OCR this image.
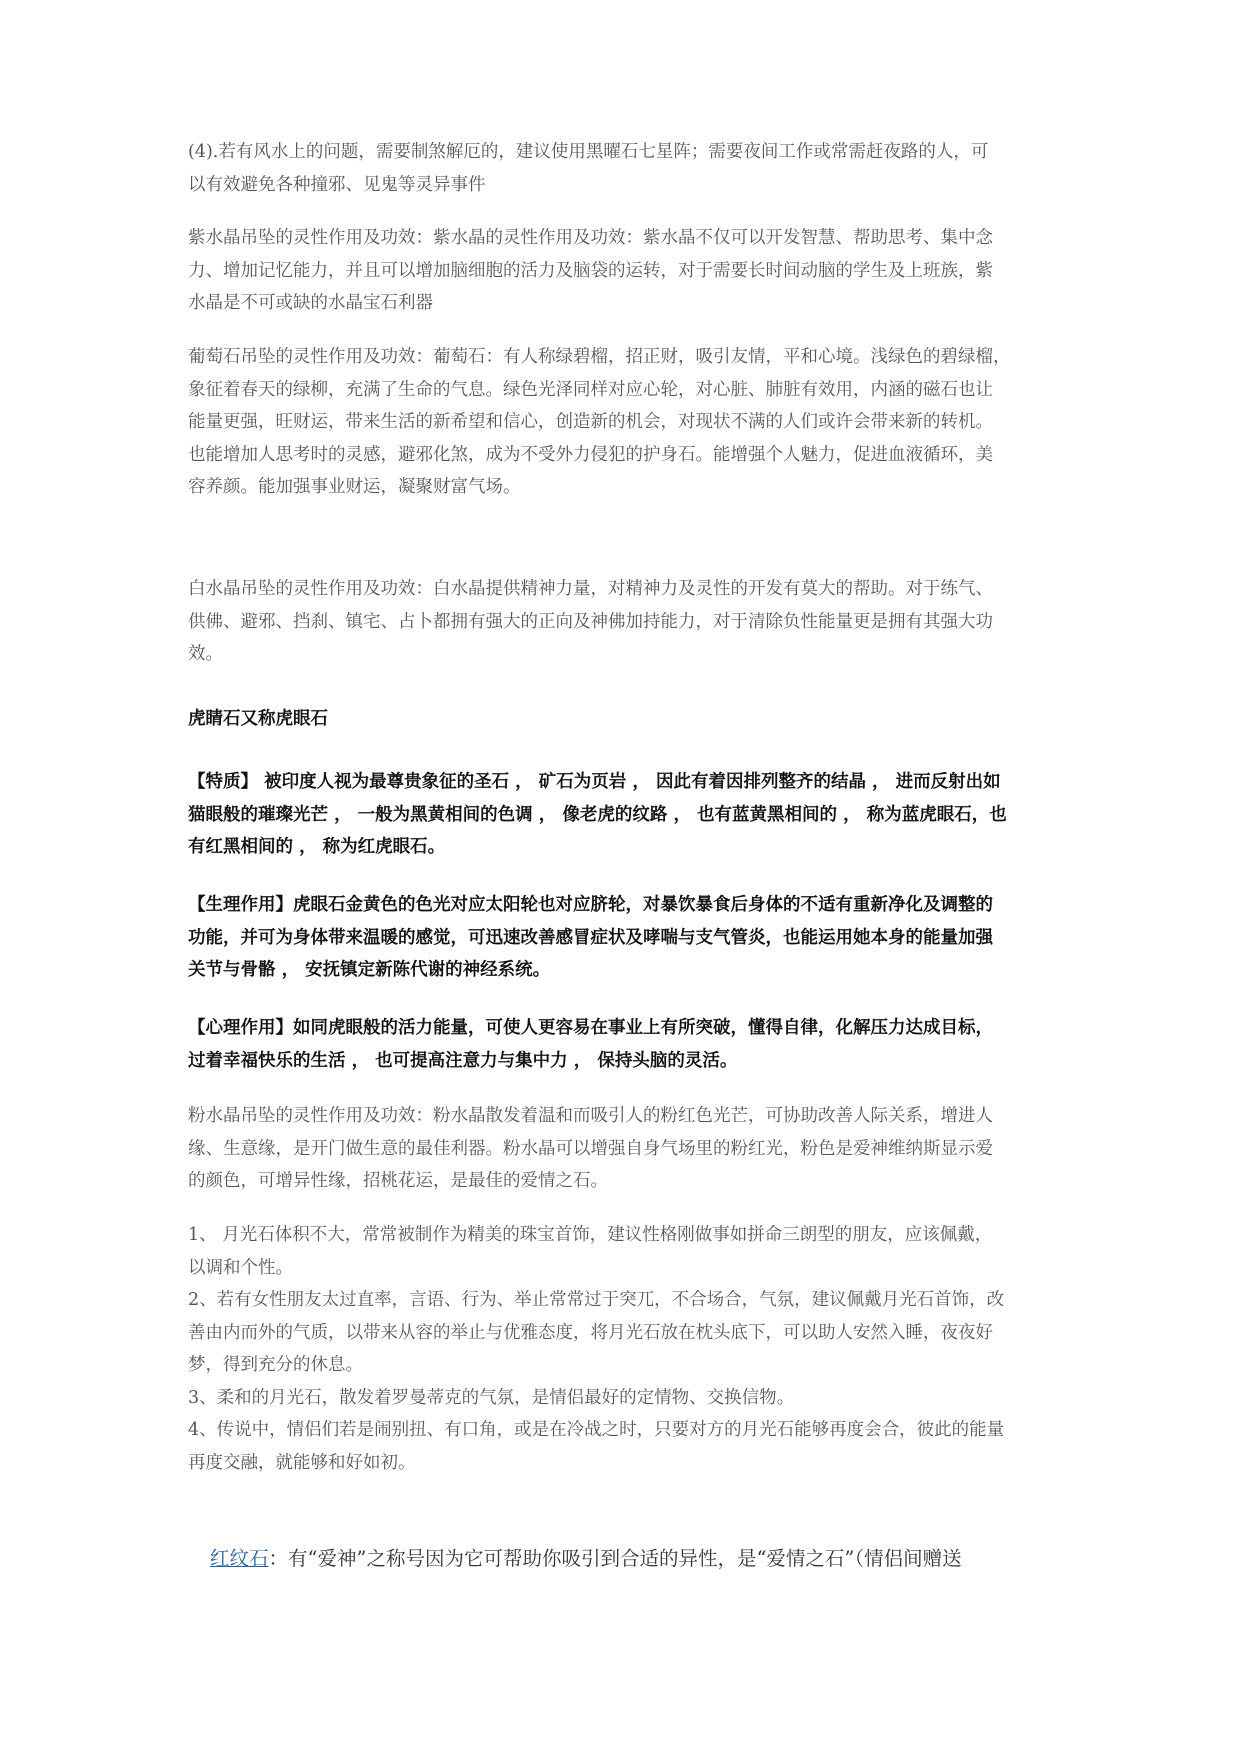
(4).若有风水上的问题，需要制煞解厄的，建议使用黑曜石七星阵；需要夜间工作或常需赶夜路的人，可
以有效避免各种撞邪、见鬼等灵异事件
紫水晶吊坠的灵性作用及功效：紫水晶的灵性作用及功效：紫水晶不仅可以开发智慧、帮助思考、集中念
力、增加记忆能力，并且可以增加脑细胞的活力及脑袋的运转，对于需要长时间动脑的学生及上班族，紫
水晶是不可或缺的水晶宝石利器
葡萄石吊坠的灵性作用及功效：葡萄石：有人称绿碧榴，招正财，吸引友情，平和心境。浅绿色的碧绿榴，
象征着春天的绿柳，充满了生命的气息。绿色光泽同样对应心轮，对心脏、肺脏有效用，内涵的磁石也让
能量更强，旺财运，带来生活的新希望和信心，创造新的机会，对现状不满的人们或许会带来新的转机。
也能增加人思考时的灵感，避邪化煞，成为不受外力侵犯的护身石。能增强个人魅力，促进血液循环，美
容养颜。能加强事业财运，凝聚财富气场。
白水晶吊坠的灵性作用及功效：白水晶提供精神力量，对精神力及灵性的开发有莫大的帮助。对于练气、
供佛、避邪、挡刹、镇宅、占卜都拥有强大的正向及神佛加持能力，对于清除负性能量更是拥有其强大功
效。
虎睛石又称虎眼石
【特质】 被印度人视为最尊贵象征的圣石 ， 矿石为页岩 ， 因此有着因排列整齐的结晶 ， 进而反射出如
猫眼般的璀璨光芒 ， 一般为黑黄相间的色调 ， 像老虎的纹路 ， 也有蓝黄黑相间的 ， 称为蓝虎眼石，也
有红黑相间的 ， 称为红虎眼石。
【生理作用】虎眼石金黄色的色光对应太阳轮也对应脐轮，对暴饮暴食后身体的不适有重新净化及调整的
功能，并可为身体带来温暖的感觉，可迅速改善感冒症状及哮喘与支气管炎，也能运用她本身的能量加强
关节与骨骼 ， 安抚镇定新陈代谢的神经系统。
【心理作用】如同虎眼般的活力能量，可使人更容易在事业上有所突破，懂得自律，化解压力达成目标，
过着幸福快乐的生活 ， 也可提高注意力与集中力 ， 保持头脑的灵活。
粉水晶吊坠的灵性作用及功效：粉水晶散发着温和而吸引人的粉红色光芒，可协助改善人际关系，增进人
缘、生意缘，是开门做生意的最佳利器。粉水晶可以增强自身气场里的粉红光，粉色是爱神维纳斯显示爱
的颜色，可增异性缘，招桃花运，是最佳的爱情之石。
1、 月光石体积不大，常常被制作为精美的珠宝首饰，建议性格刚做事如拼命三朗型的朋友，应该佩戴，
以调和个性。
2、若有女性朋友太过直率，言语、行为、举止常常过于突兀，不合场合，气氛，建议佩戴月光石首饰，改
善由内而外的气质，以带来从容的举止与优雅态度，将月光石放在枕头底下，可以助人安然入睡，夜夜好
梦，得到充分的休息。
3、柔和的月光石，散发着罗曼蒂克的气氛，是情侣最好的定情物、交换信物。
4、传说中，情侣们若是闹别扭、有口角，或是在冷战之时，只要对方的月光石能够再度会合，彼此的能量
再度交融，就能够和好如初。

红纹石：有“爱神”之称号因为它可帮助你吸引到合适的异性，是“爱情之石”（情侣间赠送
